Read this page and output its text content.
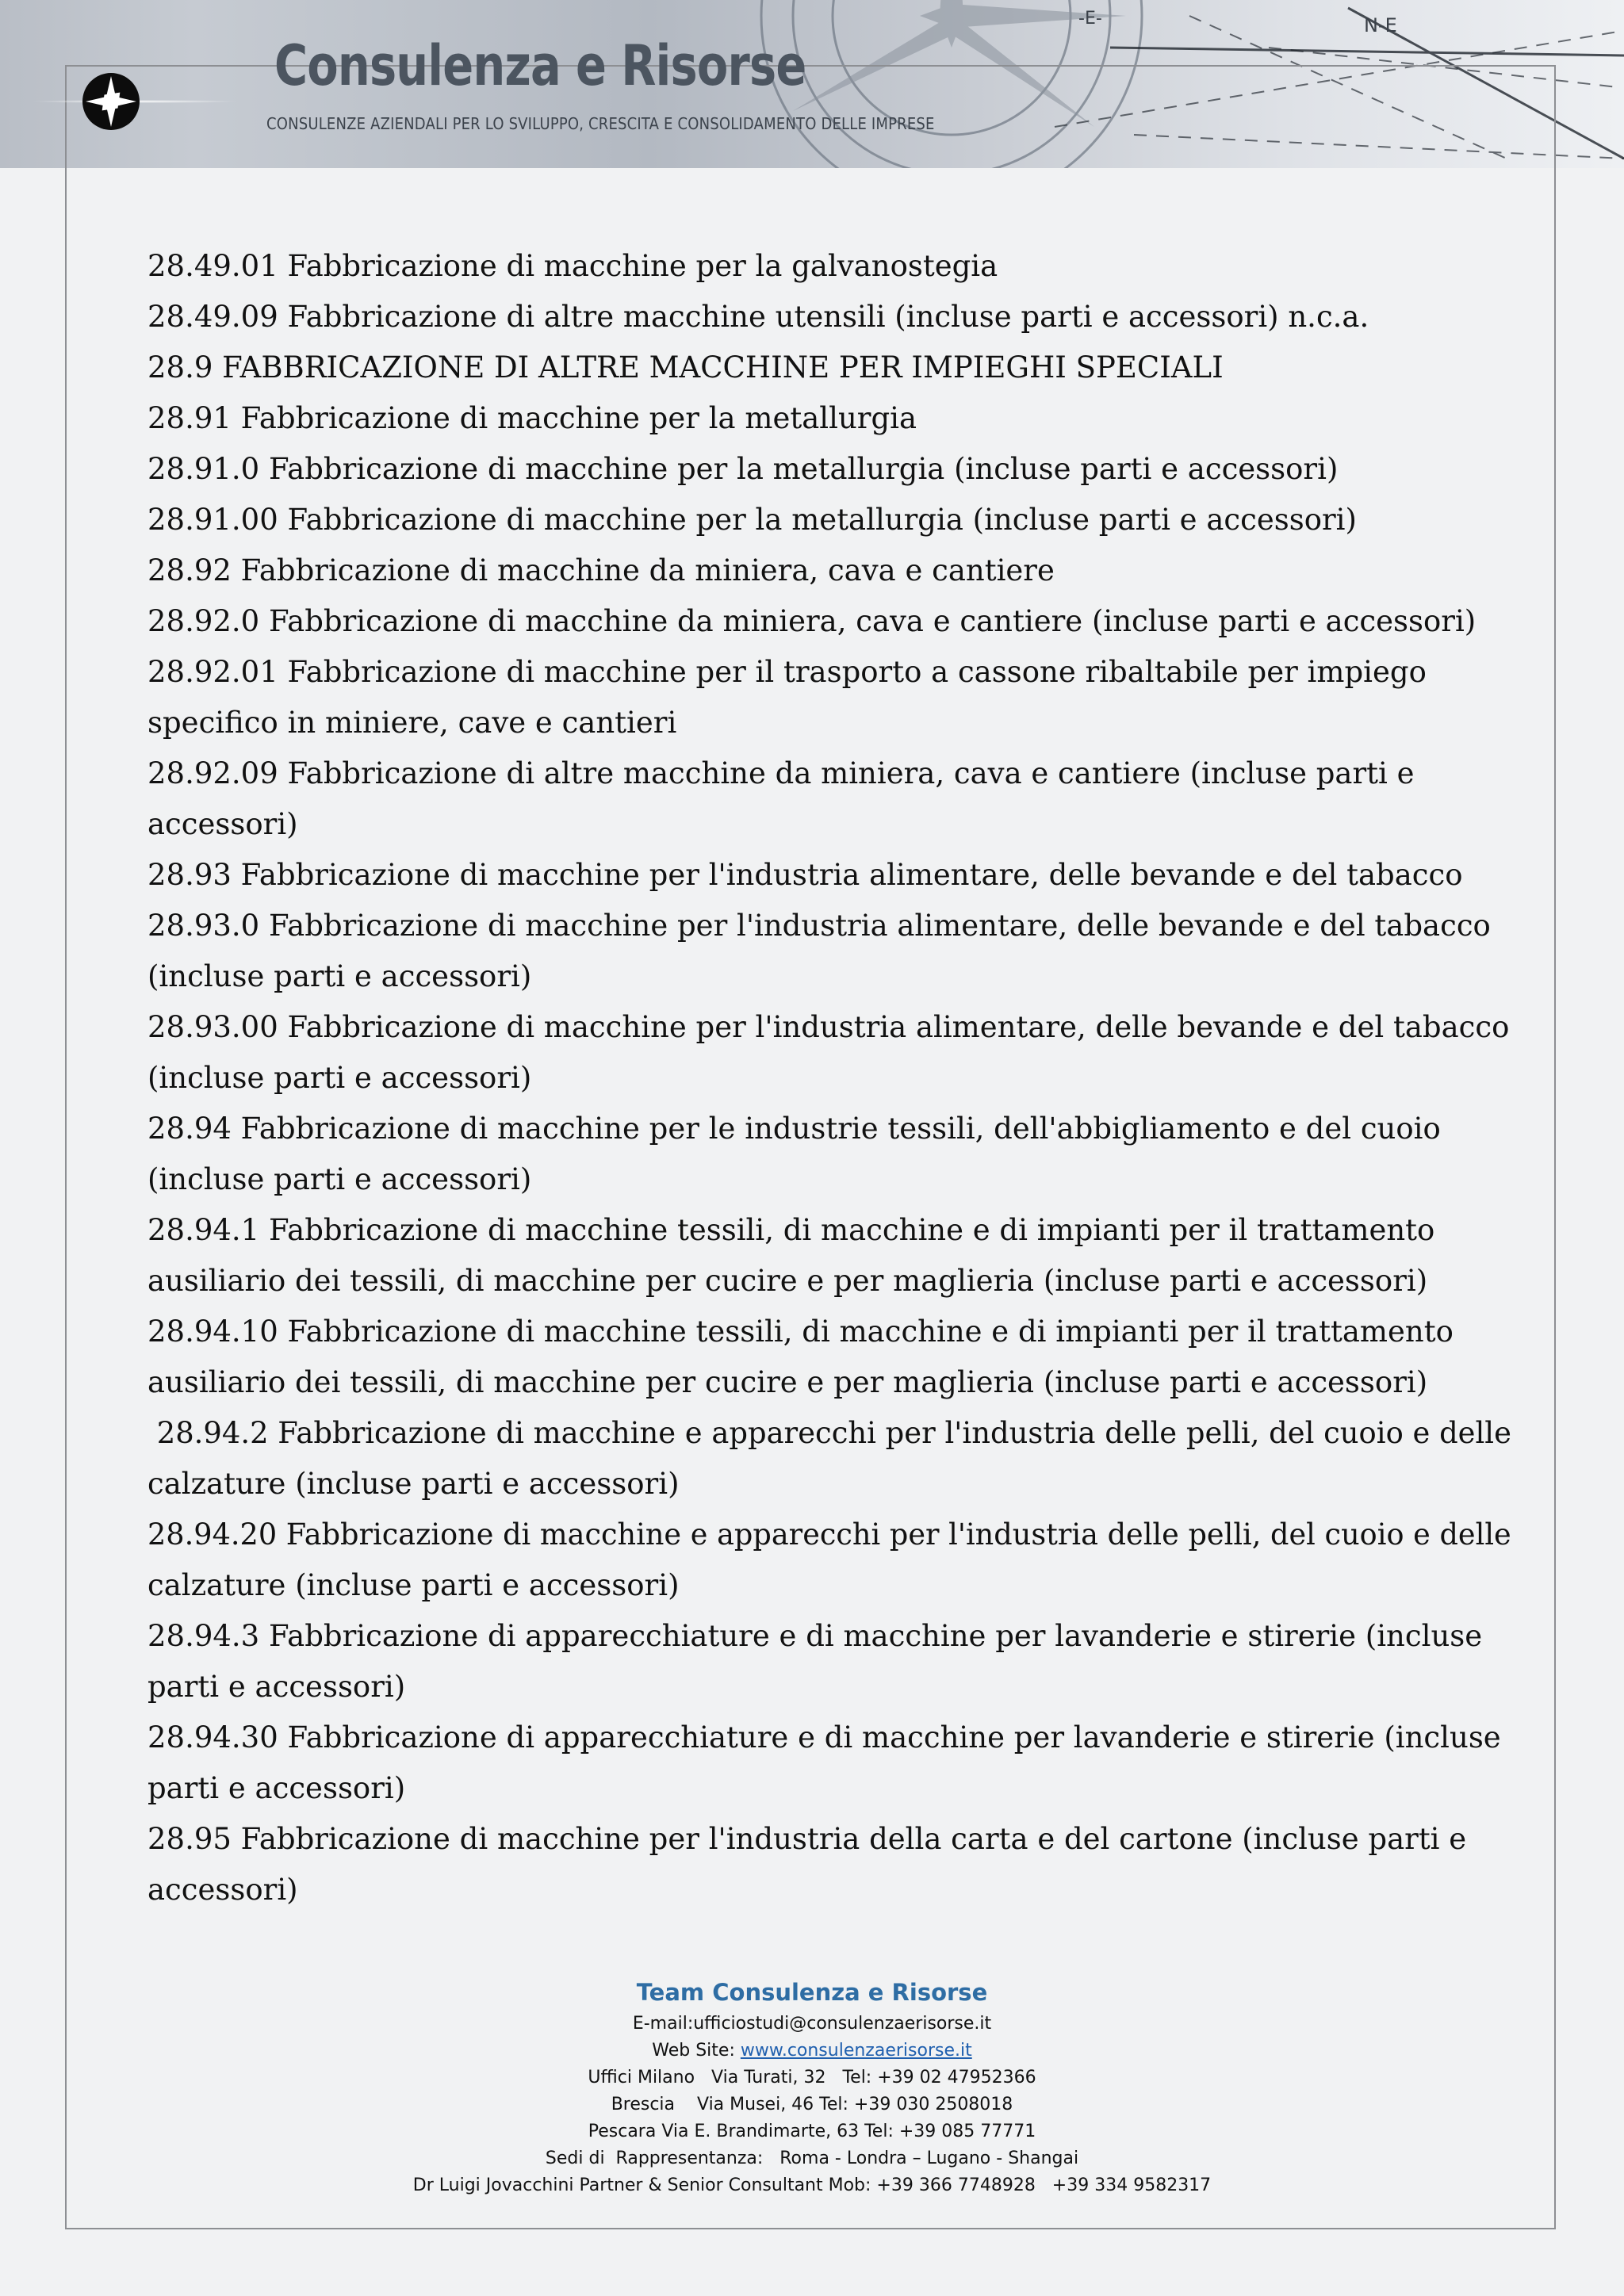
N-E
-E-
Consulenza e Risorse
CONSULENZE AZIENDALI PER LO SVILUPPO, CRESCITA E CONSOLIDAMENTO DELLE IMPRESE
28.49.01 Fabbricazione di macchine per la galvanostegia
28.49.09 Fabbricazione di altre macchine utensili (incluse parti e accessori) n.c.a.
28.9 FABBRICAZIONE DI ALTRE MACCHINE PER IMPIEGHI SPECIALI
28.91 Fabbricazione di macchine per la metallurgia
28.91.0 Fabbricazione di macchine per la metallurgia (incluse parti e accessori)
28.91.00 Fabbricazione di macchine per la metallurgia (incluse parti e accessori)
28.92 Fabbricazione di macchine da miniera, cava e cantiere
28.92.0 Fabbricazione di macchine da miniera, cava e cantiere (incluse parti e accessori)
28.92.01 Fabbricazione di macchine per il trasporto a cassone ribaltabile per impiego
specifico in miniere, cave e cantieri
28.92.09 Fabbricazione di altre macchine da miniera, cava e cantiere (incluse parti e
accessori)
28.93 Fabbricazione di macchine per l'industria alimentare, delle bevande e del tabacco
28.93.0 Fabbricazione di macchine per l'industria alimentare, delle bevande e del tabacco
(incluse parti e accessori)
28.93.00 Fabbricazione di macchine per l'industria alimentare, delle bevande e del tabacco
(incluse parti e accessori)
28.94 Fabbricazione di macchine per le industrie tessili, dell'abbigliamento e del cuoio
(incluse parti e accessori)
28.94.1 Fabbricazione di macchine tessili, di macchine e di impianti per il trattamento
ausiliario dei tessili, di macchine per cucire e per maglieria (incluse parti e accessori)
28.94.10 Fabbricazione di macchine tessili, di macchine e di impianti per il trattamento
ausiliario dei tessili, di macchine per cucire e per maglieria (incluse parti e accessori)
28.94.2 Fabbricazione di macchine e apparecchi per l'industria delle pelli, del cuoio e delle
calzature (incluse parti e accessori)
28.94.20 Fabbricazione di macchine e apparecchi per l'industria delle pelli, del cuoio e delle
calzature (incluse parti e accessori)
28.94.3 Fabbricazione di apparecchiature e di macchine per lavanderie e stirerie (incluse
parti e accessori)
28.94.30 Fabbricazione di apparecchiature e di macchine per lavanderie e stirerie (incluse
parti e accessori)
28.95 Fabbricazione di macchine per l'industria della carta e del cartone (incluse parti e
accessori)
Team Consulenza e Risorse
E-mail:ufficiostudi@consulenzaerisorse.it
Web Site: www.consulenzaerisorse.it
Uffici Milano   Via Turati, 32   Tel: +39 02 47952366
Brescia    Via Musei, 46 Tel: +39 030 2508018
Pescara Via E. Brandimarte, 63 Tel: +39 085 77771
Sedi di  Rappresentanza:   Roma - Londra – Lugano - Shangai
Dr Luigi Jovacchini Partner & Senior Consultant Mob: +39 366 7748928   +39 334 9582317
